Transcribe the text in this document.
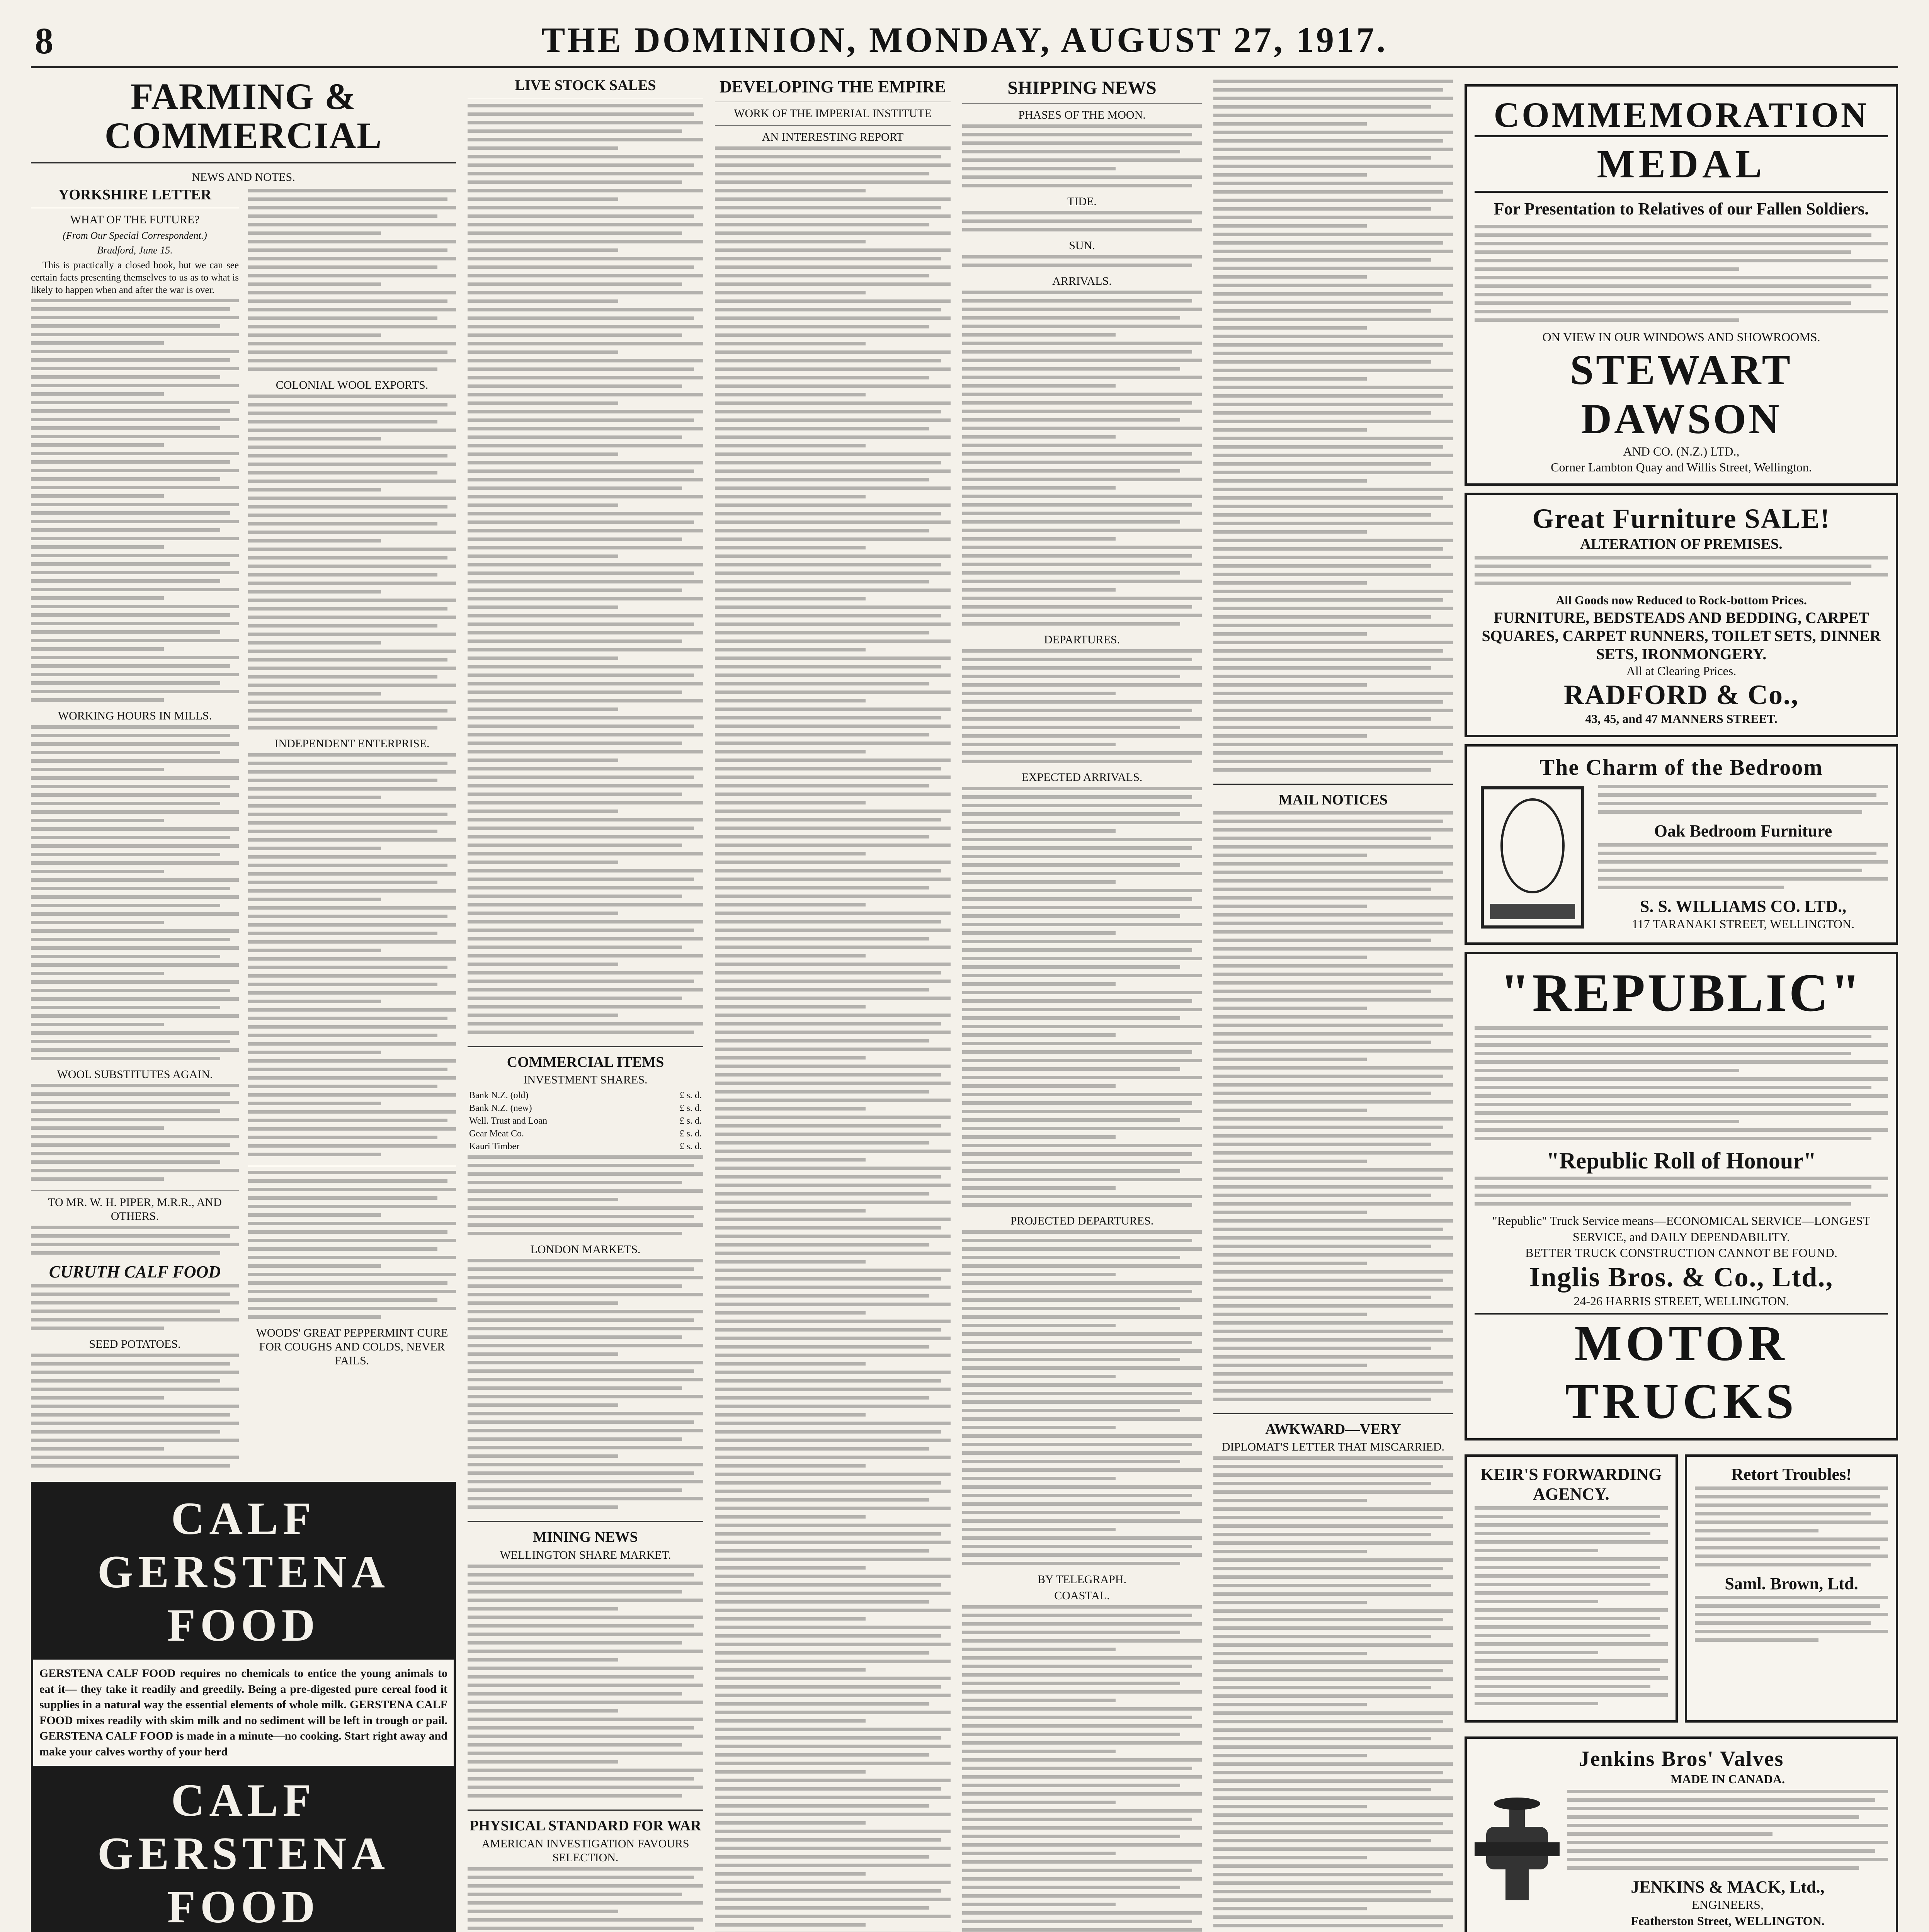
8	THE DOMINION, MONDAY, AUGUST 27, 1917.
FARMING & COMMERCIAL
NEWS AND NOTES.
YORKSHIRE LETTER
WHAT OF THE FUTURE?
(From Our Special Correspondent.)
Bradford, June 15.

This is practically a closed book, but we can see certain facts presenting themselves to us as to what is likely to happen when and after the war is over.

WORKING HOURS IN MILLS.
WOOL SUBSTITUTES AGAIN.
TO MR. W. H. PIPER, M.R.R., AND OTHERS.
CURUTH CALF FOOD
SEED POTATOES.
COLONIAL WOOL EXPORTS.
INDEPENDENT ENTERPRISE.
WOODS' GREAT PEPPERMINT CURE FOR COUGHS AND COLDS, NEVER FAILS.
CALF GERSTENA FOOD
GERSTENA CALF FOOD requires no chemicals to entice the young animals to eat it— they take it readily and greedily. Being a pre-digested pure cereal food it supplies in a natural way the essential elements of whole milk. GERSTENA CALF FOOD mixes readily with skim milk and no sediment will be left in trough or pail. GERSTENA CALF FOOD is made in a minute—no cooking. Start right away and make your calves worthy of your herd
CALF GERSTENA FOOD
LIVE STOCK SALES
COMMERCIAL ITEMS
INVESTMENT SHARES.
Bank N.Z. (old)	£ s. d.
Bank N.Z. (new)	£ s. d.
Well. Trust and Loan	£ s. d.
Gear Meat Co.	£ s. d.
Kauri Timber	£ s. d.
LONDON MARKETS.
MINING NEWS
WELLINGTON SHARE MARKET.
PHYSICAL STANDARD FOR WAR
AMERICAN INVESTIGATION FAVOURS SELECTION.
DEVELOPING THE EMPIRE
WORK OF THE IMPERIAL INSTITUTE
AN INTERESTING REPORT
SHIPPING NEWS
PHASES OF THE MOON.
TIDE.
SUN.
ARRIVALS.
DEPARTURES.
EXPECTED ARRIVALS.
PROJECTED DEPARTURES.
BY TELEGRAPH.
COASTAL.
MAIL NOTICES
AWKWARD—VERY
DIPLOMAT'S LETTER THAT MISCARRIED.
COMMEMORATION
MEDAL
For Presentation to Relatives of our Fallen Soldiers.
ON VIEW IN OUR WINDOWS AND SHOWROOMS.
STEWART DAWSON
AND CO. (N.Z.) LTD.,
Corner Lambton Quay and Willis Street, Wellington.
Great Furniture SALE!
ALTERATION OF PREMISES.
All Goods now Reduced to Rock-bottom Prices.
FURNITURE, BEDSTEADS AND BEDDING, CARPET SQUARES, CARPET RUNNERS, TOILET SETS, DINNER SETS, IRONMONGERY.
All at Clearing Prices.
RADFORD & Co.,
43, 45, and 47 MANNERS STREET.
The Charm of the Bedroom
Oak Bedroom Furniture
S. S. WILLIAMS CO. LTD.,
117 TARANAKI STREET, WELLINGTON.
"REPUBLIC"
"Republic Roll of Honour"
"Republic" Truck Service means—ECONOMICAL SERVICE—LONGEST SERVICE, and DAILY DEPENDABILITY.
BETTER TRUCK CONSTRUCTION CANNOT BE FOUND.
Inglis Bros. & Co., Ltd.,
24-26 HARRIS STREET, WELLINGTON.
MOTOR TRUCKS
KEIR'S FORWARDING AGENCY.
Retort Troubles!
Saml. Brown, Ltd.
Jenkins Bros' Valves
MADE IN CANADA.
JENKINS & MACK, Ltd.,
ENGINEERS,
Featherston Street, WELLINGTON.
